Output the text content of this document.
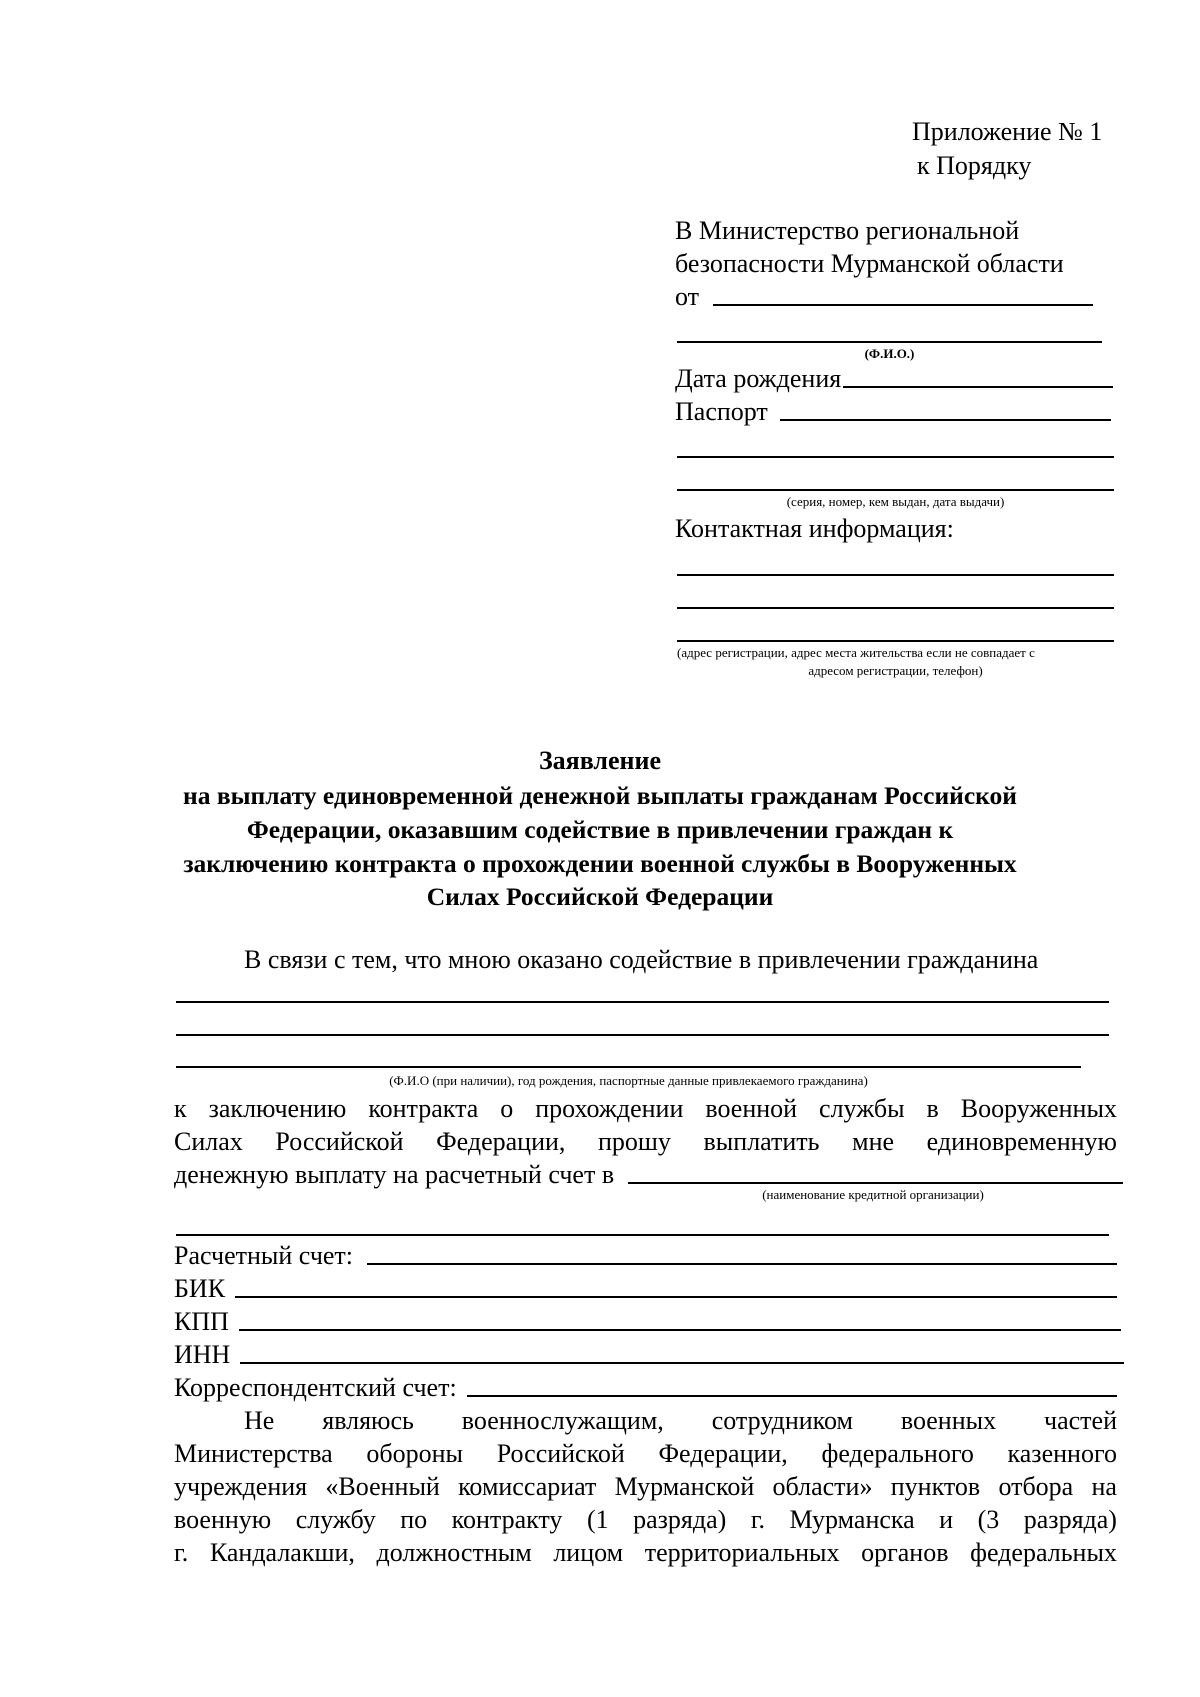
Приложение № 1
к Порядку
В Министерство региональной
безопасности Мурманской области
от
(Ф.И.О.)
Дата рождения
Паспорт
(серия, номер, кем выдан, дата выдачи)
Контактная информация:
(адрес регистрации, адрес места жительства если не совпадает с
адресом регистрации, телефон)
Заявление
на выплату единовременной денежной выплаты гражданам Российской
Федерации, оказавшим содействие в привлечении граждан к
заключению контракта о прохождении военной службы в Вооруженных
Силах Российской Федерации
В связи с тем, что мною оказано содействие в привлечении гражданина
(Ф.И.О (при наличии), год рождения, паспортные данные привлекаемого гражданина)
к заключению контракта о прохождении военной службы в Вооруженных
Силах Российской Федерации, прошу выплатить мне единовременную
денежную выплату на расчетный счет в
(наименование кредитной организации)
Расчетный счет:
БИК
КПП
ИНН
Корреспондентский счет:
Не являюсь военнослужащим, сотрудником военных частей
Министерства обороны Российской Федерации, федерального казенного
учреждения «Военный комиссариат Мурманской области» пунктов отбора на
военную службу по контракту (1 разряда) г. Мурманска и (3 разряда)
г. Кандалакши, должностным лицом территориальных органов федеральных
